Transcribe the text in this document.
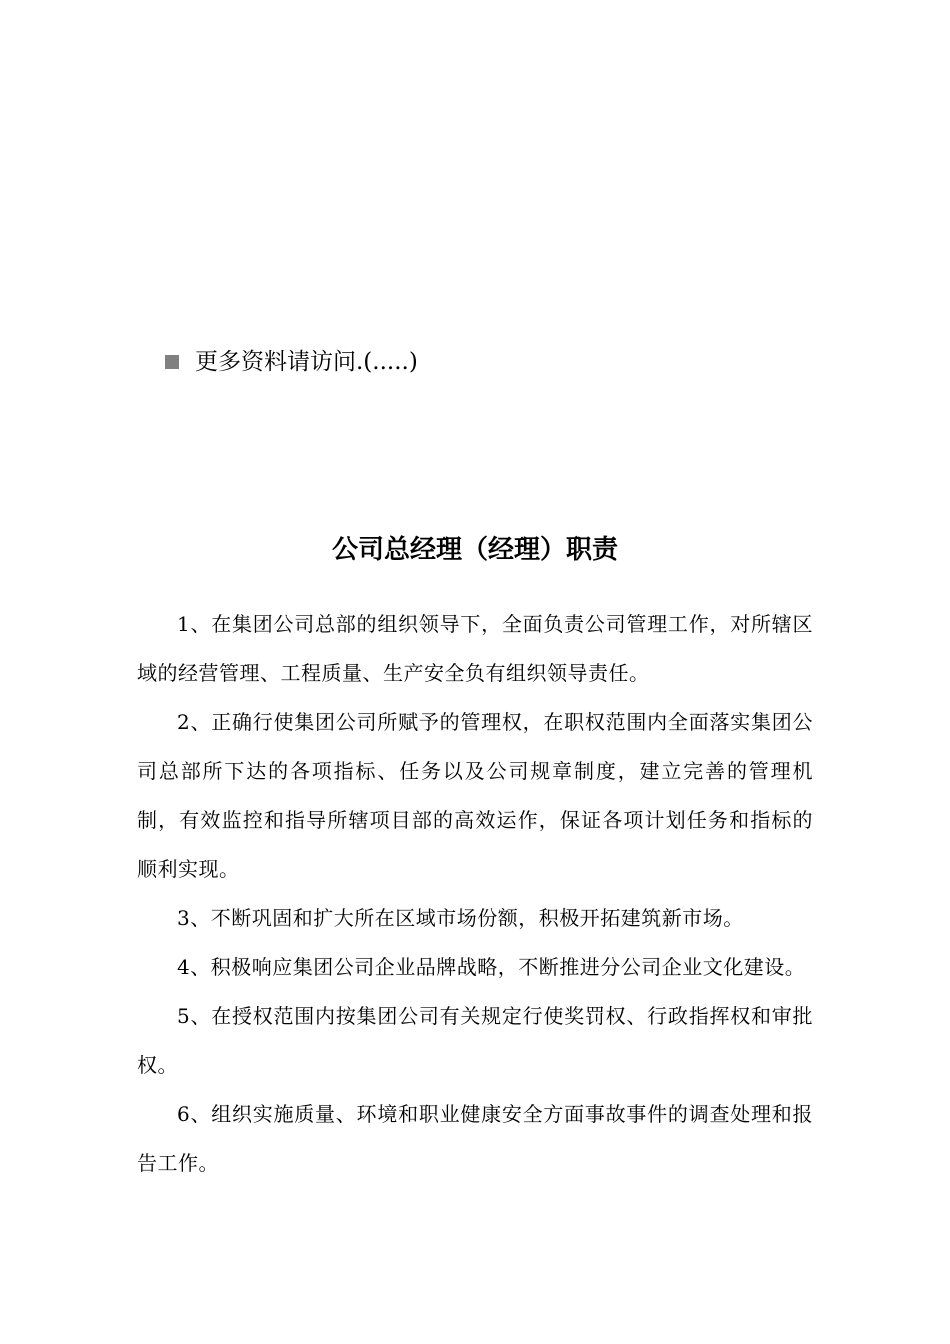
更多资料请访问.(.....)
公司总经理（经理）职责

1、在集团公司总部的组织领导下，全面负责公司管理工作，对所辖区域的经营管理、工程质量、生产安全负有组织领导责任。

2、正确行使集团公司所赋予的管理权，在职权范围内全面落实集团公司总部所下达的各项指标、任务以及公司规章制度，建立完善的管理机制，有效监控和指导所辖项目部的高效运作，保证各项计划任务和指标的顺利实现。

3、不断巩固和扩大所在区域市场份额，积极开拓建筑新市场。

4、积极响应集团公司企业品牌战略，不断推进分公司企业文化建设。

5、在授权范围内按集团公司有关规定行使奖罚权、行政指挥权和审批权。

6、组织实施质量、环境和职业健康安全方面事故事件的调查处理和报告工作。
